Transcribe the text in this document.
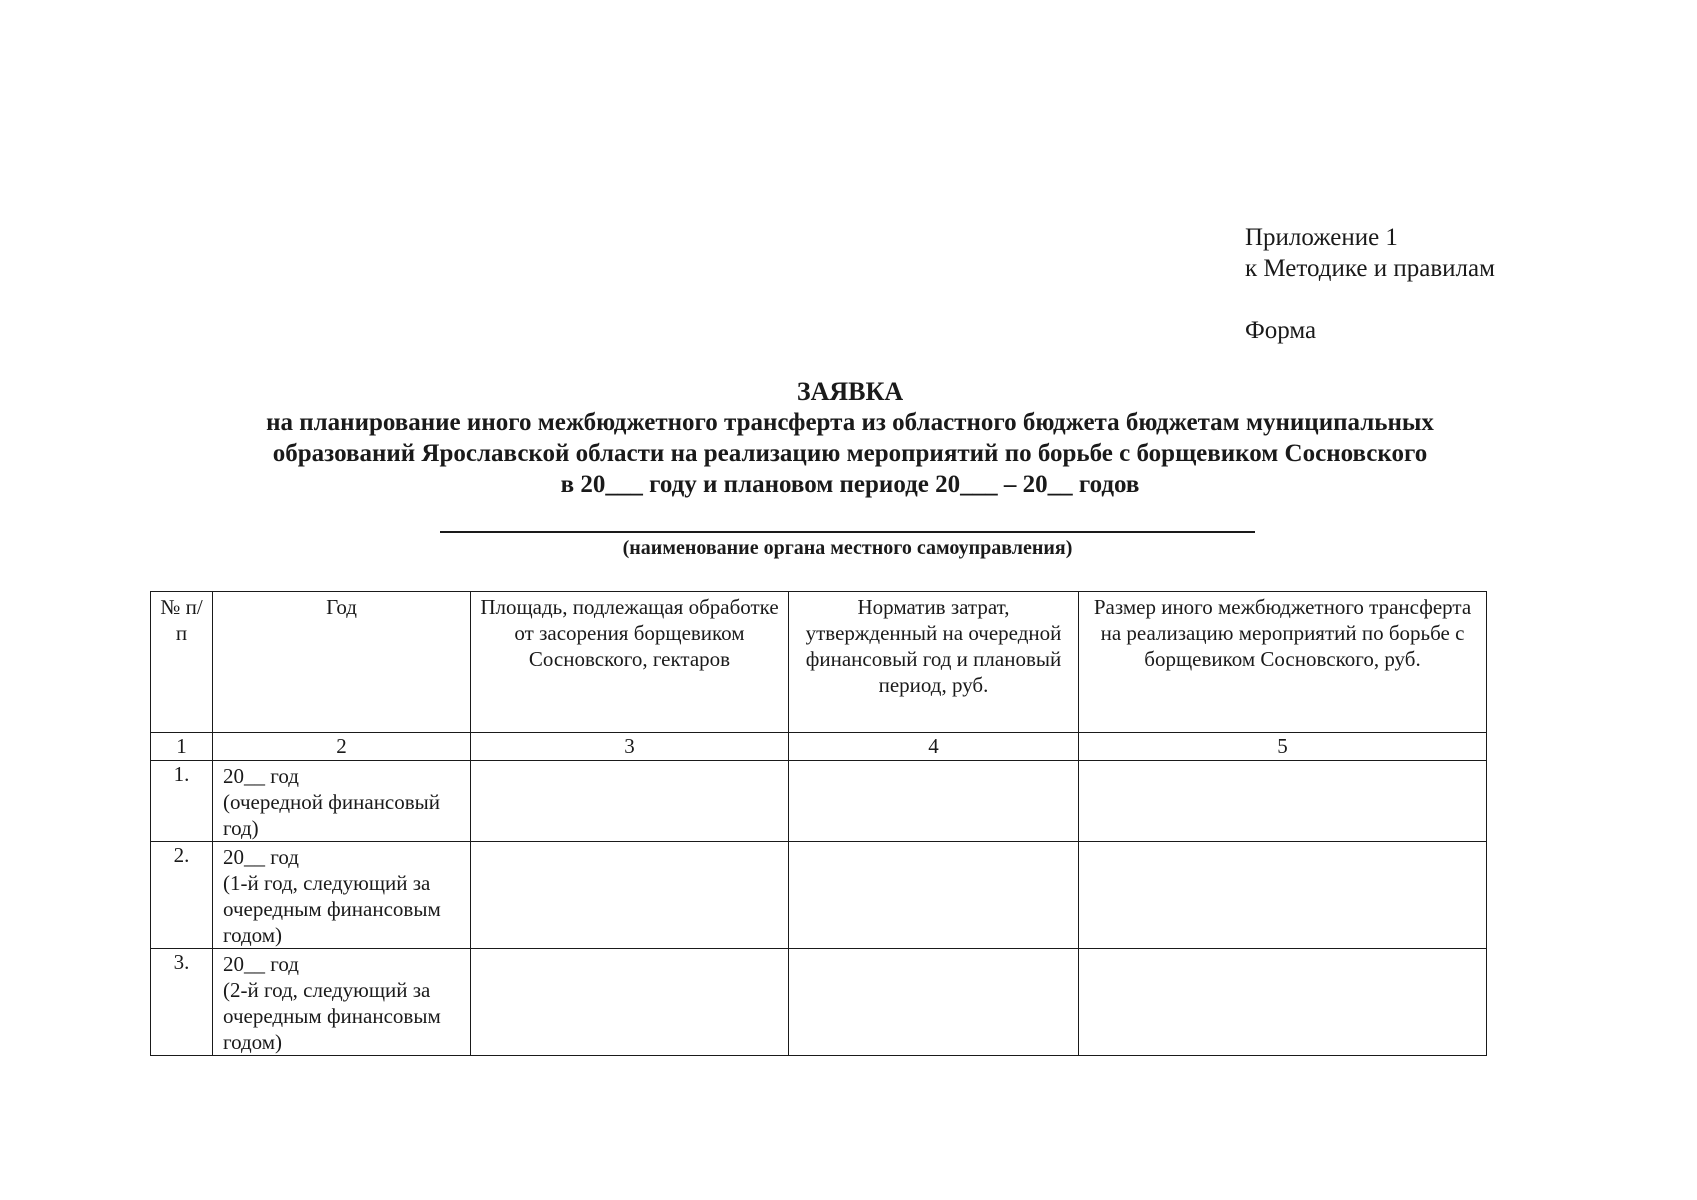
Приложение 1
к Методике и правилам
Форма
ЗАЯВКА
на планирование иного межбюджетного трансферта из областного бюджета бюджетам муниципальных
образований Ярославской области на реализацию мероприятий по борьбе с борщевиком Сосновского
в 20___ году и плановом периоде 20___ – 20__ годов
(наименование органа местного самоуправления)
№ п/п	Год	Площадь, подлежащая обработке от засорения борщевиком Сосновского, гектаров	Норматив затрат, утвержденный на очередной финансовый год и плановый период, руб.	Размер иного межбюджетного трансферта на реализацию мероприятий по борьбе с борщевиком Сосновского, руб.
1	2	3	4	5
1.	20__ год
(очередной финансовый год)			

2.	20__ год
(1-й год, следующий за очередным финансовым годом)			

3.	20__ год
(2-й год, следующий за очередным финансовым годом)			
